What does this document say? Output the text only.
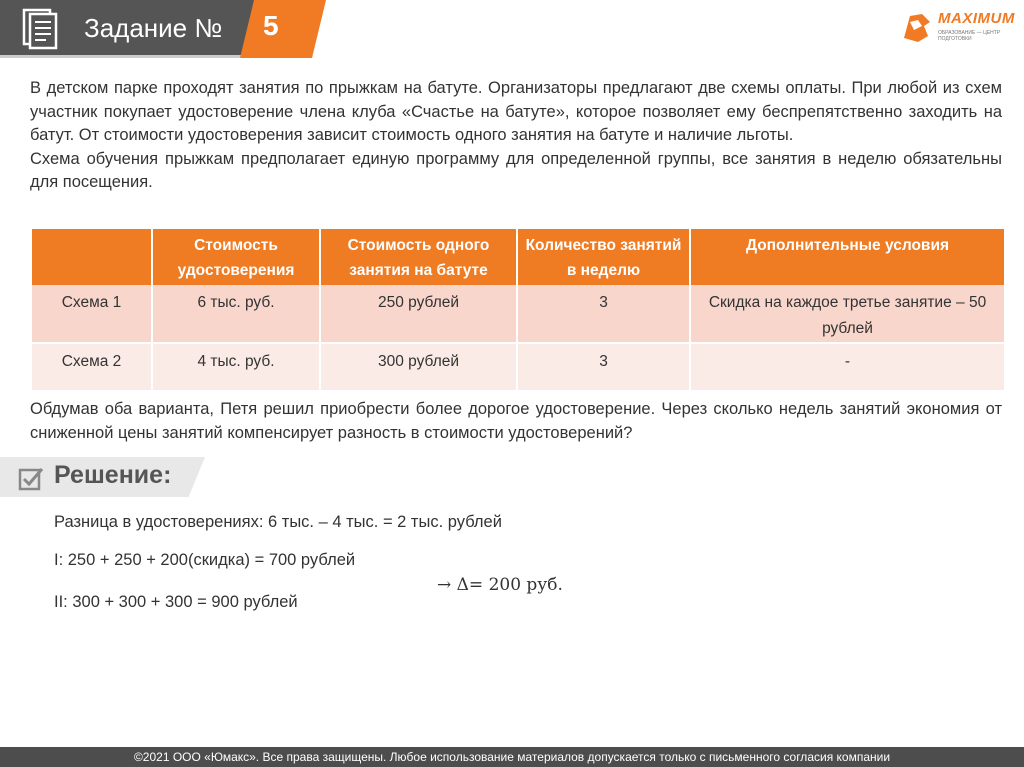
Задание № 5	MAXIMUM
ОБРАЗОВАНИЕ — ЦЕНТР ПОДГОТОВКИ

В детском парке проходят занятия по прыжкам на батуте. Организаторы предлагают две схемы оплаты. При любой из схем участник покупает удостоверение члена клуба «Счастье на батуте», которое позволяет ему беспрепятственно заходить на батут. От стоимости удостоверения зависит стоимость одного занятия на батуте и наличие льготы.

Схема обучения прыжкам предполагает единую программу для определенной группы, все занятия в неделю обязательны для посещения.

	Стоимость удостоверения	Стоимость одного занятия на батуте	Количество занятий в неделю	Дополнительные условия
Схема 1	6 тыс. руб.	250 рублей	3	Скидка на каждое третье занятие – 50 рублей
Схема 2	4 тыс. руб.	300 рублей	3	-
Обдумав оба варианта, Петя решил приобрести более дорогое удостоверение. Через сколько недель занятий экономия от сниженной цены занятий компенсирует разность в стоимости удостоверений?
Решение:
Разница в удостоверениях: 6 тыс. – 4 тыс. = 2 тыс. рублей
I: 250 + 250 + 200(скидка) = 700 рублей
II: 300 + 300 + 300 = 900 рублей
→ Δ= 200 руб.
©2021 ООО «Юмакс». Все права защищены. Любое использование материалов допускается только с письменного согласия компании
